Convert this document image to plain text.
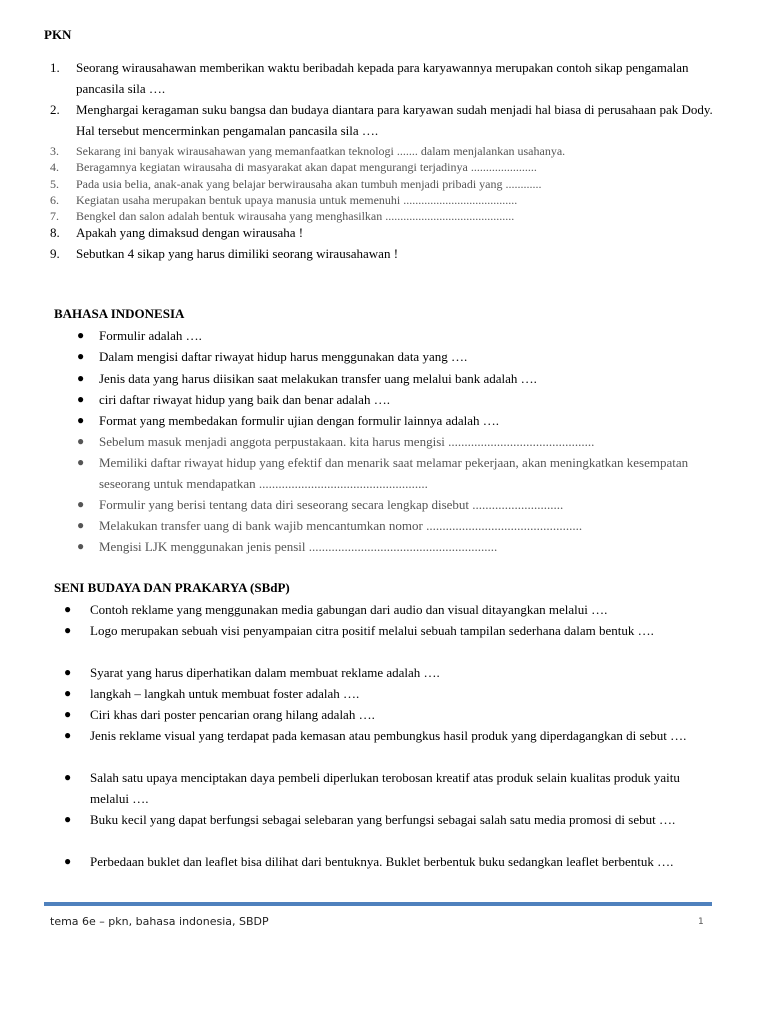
PKN
1.	Seorang wirausahawan memberikan waktu beribadah kepada para karyawannya merupakan contoh sikap pengamalan pancasila sila ….
2.	Menghargai keragaman suku bangsa dan budaya diantara para karyawan sudah menjadi hal biasa di perusahaan pak Dody. Hal tersebut mencerminkan pengamalan pancasila sila ….
3.	Sekarang ini banyak wirausahawan yang memanfaatkan teknologi ....... dalam menjalankan usahanya.
4.	Beragamnya kegiatan wirausaha di masyarakat akan dapat mengurangi terjadinya ......................
5.	Pada usia belia, anak-anak yang belajar berwirausaha akan tumbuh menjadi pribadi yang ............
6.	Kegiatan usaha merupakan bentuk upaya manusia untuk memenuhi ......................................
7.	Bengkel dan salon adalah bentuk wirausaha yang menghasilkan ...........................................
8.	Apakah yang dimaksud dengan wirausaha !
9.	Sebutkan 4 sikap yang harus dimiliki seorang wirausahawan !
BAHASA INDONESIA
● Formulir adalah ….
● Dalam mengisi daftar riwayat hidup harus menggunakan data yang ….
● Jenis data yang harus diisikan saat melakukan transfer uang melalui bank adalah ….
● ciri daftar riwayat hidup yang baik dan benar adalah ….
● Format yang membedakan formulir ujian dengan formulir lainnya adalah ….
● Sebelum masuk menjadi anggota perpustakaan. kita harus mengisi .............................................
● Memiliki daftar riwayat hidup yang efektif dan menarik saat melamar pekerjaan, akan meningkatkan kesempatan seseorang untuk mendapatkan ....................................................
● Formulir yang berisi tentang data diri seseorang secara lengkap disebut ............................
● Melakukan transfer uang di bank wajib mencantumkan nomor ................................................
● Mengisi LJK menggunakan jenis pensil ..........................................................
SENI BUDAYA DAN PRAKARYA (SBdP)
● Contoh reklame yang menggunakan media gabungan dari audio dan visual ditayangkan melalui ….
● Logo merupakan sebuah visi penyampaian citra positif melalui sebuah tampilan sederhana dalam bentuk ….
● Syarat yang harus diperhatikan dalam membuat reklame adalah ….
● langkah – langkah untuk membuat foster adalah ….
● Ciri khas dari poster pencarian orang hilang adalah ….
● Jenis reklame visual yang terdapat pada kemasan atau pembungkus hasil produk yang diperdagangkan di sebut ….
● Salah satu upaya menciptakan daya pembeli diperlukan terobosan kreatif atas produk selain kualitas produk yaitu melalui ….
● Buku kecil yang dapat berfungsi sebagai selebaran yang berfungsi sebagai salah satu media promosi di sebut ….
● Perbedaan buklet dan leaflet bisa dilihat dari bentuknya. Buklet berbentuk buku sedangkan leaflet berbentuk ….
tema 6e – pkn, bahasa indonesia, SBDP	1
